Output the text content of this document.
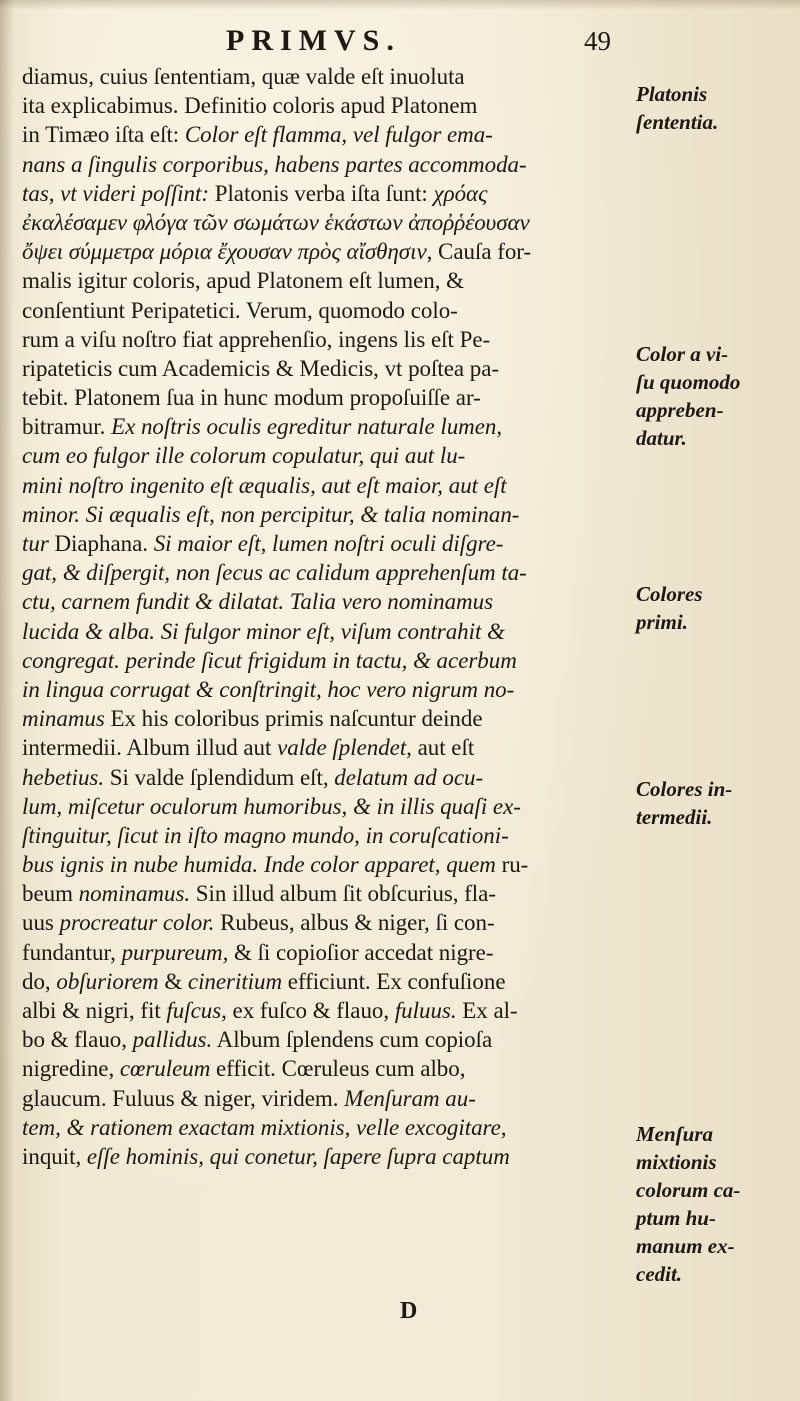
PRIMVS.	49
diamus, cuius ſententiam, quæ valde eſt inuoluta
ita explicabimus. Definitio coloris apud Platonem
in Timæo iſta eſt: Color eſt flamma, vel fulgor ema-
nans a ſingulis corporibus, habens partes accommoda-
tas, vt videri poſſint: Platonis verba iſta ſunt: χρόας
ἐκαλέσαμεν φλόγα τῶν σωμάτων ἑκάστων ἀποῤῥέουσαν
ὄψει σύμμετρα μόρια ἔχουσαν πρὸς αἴσθησιν, Cauſa for-
malis igitur coloris, apud Platonem eſt lumen, &
conſentiunt Peripatetici. Verum, quomodo colo-
rum a viſu noſtro fiat apprehenſio, ingens lis eſt Pe-
ripateticis cum Academicis & Medicis, vt poſtea pa-
tebit. Platonem ſua in hunc modum propoſuiſſe ar-
bitramur. Ex noſtris oculis egreditur naturale lumen,
cum eo fulgor ille colorum copulatur, qui aut lu-
mini noſtro ingenito eſt æqualis, aut eſt maior, aut eſt
minor. Si æqualis eſt, non percipitur, & talia nominan-
tur Diaphana. Si maior eſt, lumen noſtri oculi diſgre-
gat, & diſpergit, non ſecus ac calidum apprehenſum ta-
ctu, carnem fundit & dilatat. Talia vero nominamus
lucida & alba. Si fulgor minor eſt, viſum contrahit &
congregat. perinde ſicut frigidum in tactu, & acerbum
in lingua corrugat & conſtringit, hoc vero nigrum no-
minamus Ex his coloribus primis naſcuntur deinde
intermedii. Album illud aut valde ſplendet, aut eſt
hebetius. Si valde ſplendidum eſt, delatum ad ocu-
lum, miſcetur oculorum humoribus, & in illis quaſi ex-
ſtinguitur, ſicut in iſto magno mundo, in coruſcationi-
bus ignis in nube humida. Inde color apparet, quem ru-
beum nominamus. Sin illud album ſit obſcurius, fla-
uus procreatur color. Rubeus, albus & niger, ſi con-
fundantur, purpureum, & ſi copioſior accedat nigre-
do, obſuriorem & cineritium efficiunt. Ex confuſione
albi & nigri, fit fuſcus, ex fuſco & flauo, fuluus. Ex al-
bo & flauo, pallidus. Album ſplendens cum copioſa
nigredine, cœruleum efficit. Cœruleus cum albo,
glaucum. Fuluus & niger, viridem. Menſuram au-
tem, & rationem exactam mixtionis, velle excogitare,
inquit, eſſe hominis, qui conetur, ſapere ſupra captum
Platonis
ſententia.
Color a vi-
ſu quomodo
appreben-
datur.
Colores
primi.
Colores in-
termedii.
Menſura
mixtionis
colorum ca-
ptum hu-
manum ex-
cedit.
D
